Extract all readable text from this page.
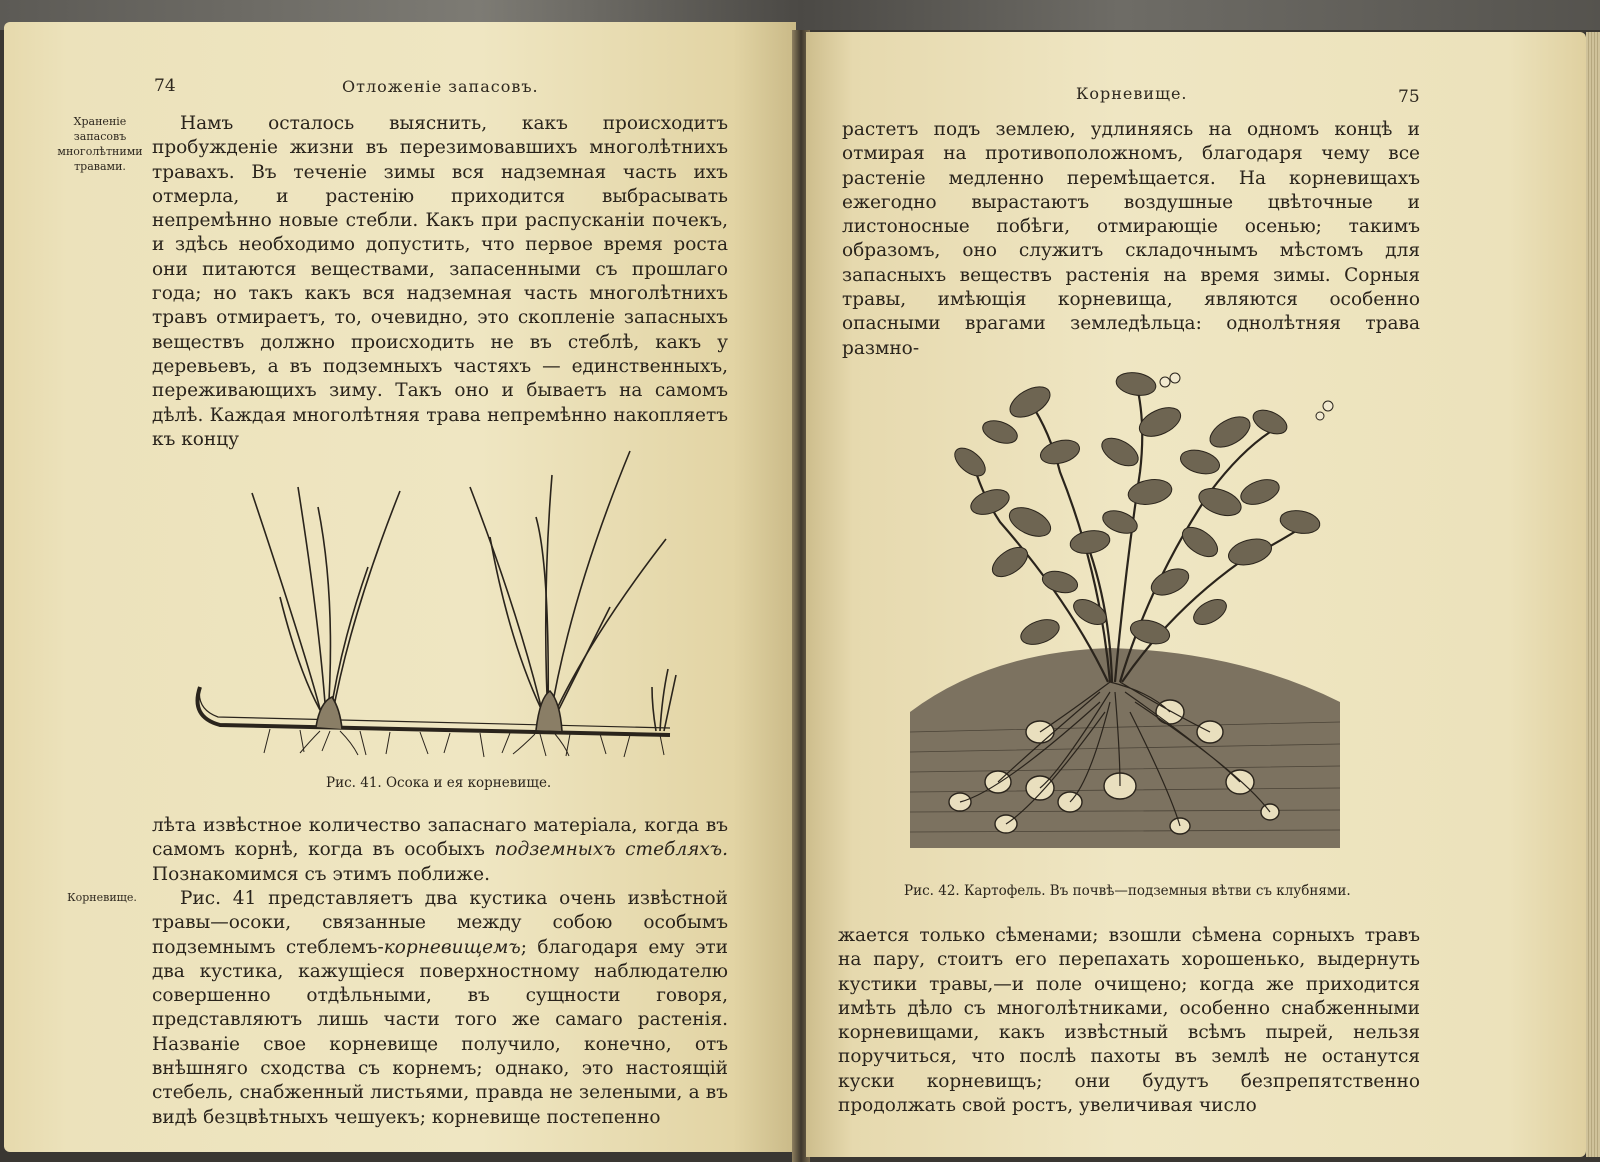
74	Отложеніе запасовъ.
Храненіе запасовъ многолѣтними травами.

Намъ осталось выяснить, какъ происходитъ пробужденіе жизни въ перезимовавшихъ многолѣтнихъ травахъ. Въ теченіе зимы вся надземная часть ихъ отмерла, и растенію приходится выбрасывать непремѣнно новые стебли. Какъ при распусканіи почекъ, и здѣсь необходимо допустить, что первое время роста они питаются веществами, запасенными съ прошлаго года; но такъ какъ вся надземная часть многолѣтнихъ травъ отмираетъ, то, очевидно, это скопленіе запасныхъ веществъ должно происходить не въ стеблѣ, какъ у деревьевъ, а въ подземныхъ частяхъ — единственныхъ, переживающихъ зиму. Такъ оно и бываетъ на самомъ дѣлѣ. Каждая многолѣтняя трава непремѣнно накопляетъ къ концу

Рис. 41. Осока и ея корневище.

лѣта извѣстное количество запаснаго матеріала, когда въ самомъ корнѣ, когда въ особыхъ подземныхъ стебляхъ. Познакомимся съ этимъ поближе.

Корневище.	Рис. 41 представляетъ два кустика очень извѣстной травы—осоки, связанные между собою особымъ подземнымъ стеблемъ-корневищемъ; благодаря ему эти два кустика, кажущіеся поверхностному наблюдателю совершенно отдѣльными, въ сущности говоря, представляютъ лишь части того же самаго растенія. Названіе свое корневище получило, конечно, отъ внѣшняго сходства съ корнемъ; однако, это настоящій стебель, снабженный листьями, правда не зелеными, а въ видѣ безцвѣтныхъ чешуекъ; корневище постепенно

Корневище.	75

растетъ подъ землею, удлиняясь на одномъ концѣ и отмирая на противоположномъ, благодаря чему все растеніе медленно перемѣщается. На корневищахъ ежегодно вырастаютъ воздушные цвѣточные и листоносные побѣги, отмирающіе осенью; такимъ образомъ, оно служитъ складочнымъ мѣстомъ для запасныхъ веществъ растенія на время зимы. Сорныя травы, имѣющія корневища, являются особенно опасными врагами земледѣльца: однолѣтняя трава размно-

Рис. 42. Картофель. Въ почвѣ—подземныя вѣтви съ клубнями.

жается только сѣменами; взошли сѣмена сорныхъ травъ на пару, стоитъ его перепахать хорошенько, выдернуть кустики травы,—и поле очищено; когда же приходится имѣть дѣло съ многолѣтниками, особенно снабженными корневищами, какъ извѣстный всѣмъ пырей, нельзя поручиться, что послѣ пахоты въ землѣ не останутся куски корневищъ; они будутъ безпрепятственно продолжать свой ростъ, увеличивая число
